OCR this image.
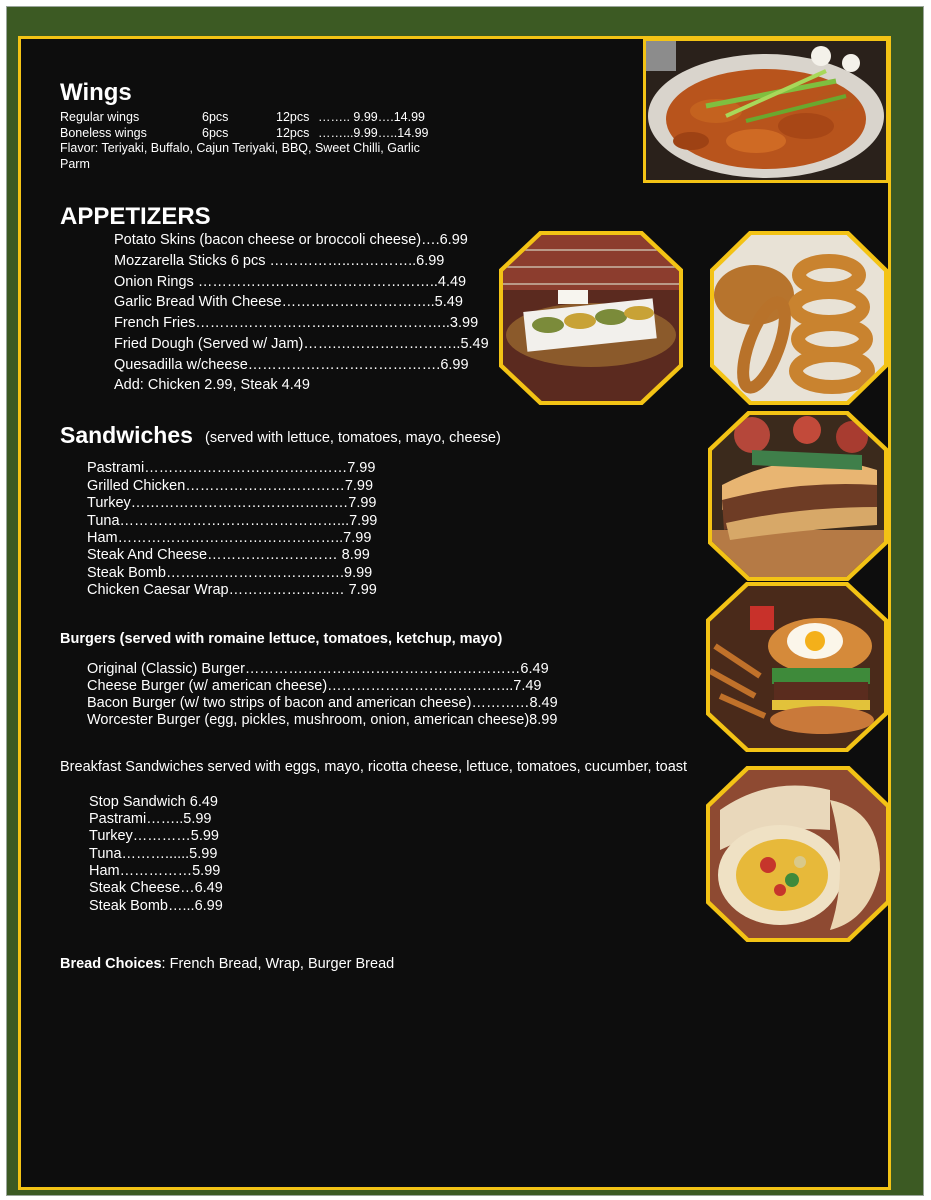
Wings
Regular wings	6pcs	12pcs …….. 9.99….14.99
Boneless wings	6pcs	12pcs ……...9.99…..14.99
Flavor: Teriyaki, Buffalo, Cajun Teriyaki, BBQ, Sweet Chilli, Garlic
Parm
APPETIZERS
Potato Skins (bacon cheese or broccoli cheese)….6.99
Mozzarella Sticks 6 pcs ……………..…………..6.99
Onion Rings …………………………………………..4.49
Garlic Bread With Cheese…………………………..5.49
French Fries……………………………………………..3.99
Fried Dough (Served w/ Jam)…….……………………..5.49
Quesadilla w/cheese………………………………….6.99
Add: Chicken 2.99, Steak 4.49
Sandwiches (served with lettuce, tomatoes, mayo, cheese)
Pastrami……………………………………7.99
Grilled Chicken……………………………7.99
Turkey………………………………………7.99
Tuna………………………………………...7.99
Ham………………………………………..7.99
Steak And Cheese……………………… 8.99
Steak Bomb……………………………….9.99
Chicken Caesar Wrap…………………… 7.99
Burgers (served with romaine lettuce, tomatoes, ketchup, mayo)
Original (Classic) Burger…………………………………………………6.49
Cheese Burger (w/ american cheese)………………………………...7.49
Bacon Burger (w/ two strips of bacon and american cheese)…………8.49
Worcester Burger (egg, pickles, mushroom, onion, american cheese)8.99
Breakfast Sandwiches served with eggs, mayo, ricotta cheese, lettuce, tomatoes, cucumber, toast
Stop Sandwich 6.49
Pastrami……..5.99
Turkey…………5.99
Tuna………......5.99
Ham……………5.99
Steak Cheese…6.49
Steak Bomb…...6.99
Bread Choices: French Bread, Wrap, Burger Bread
